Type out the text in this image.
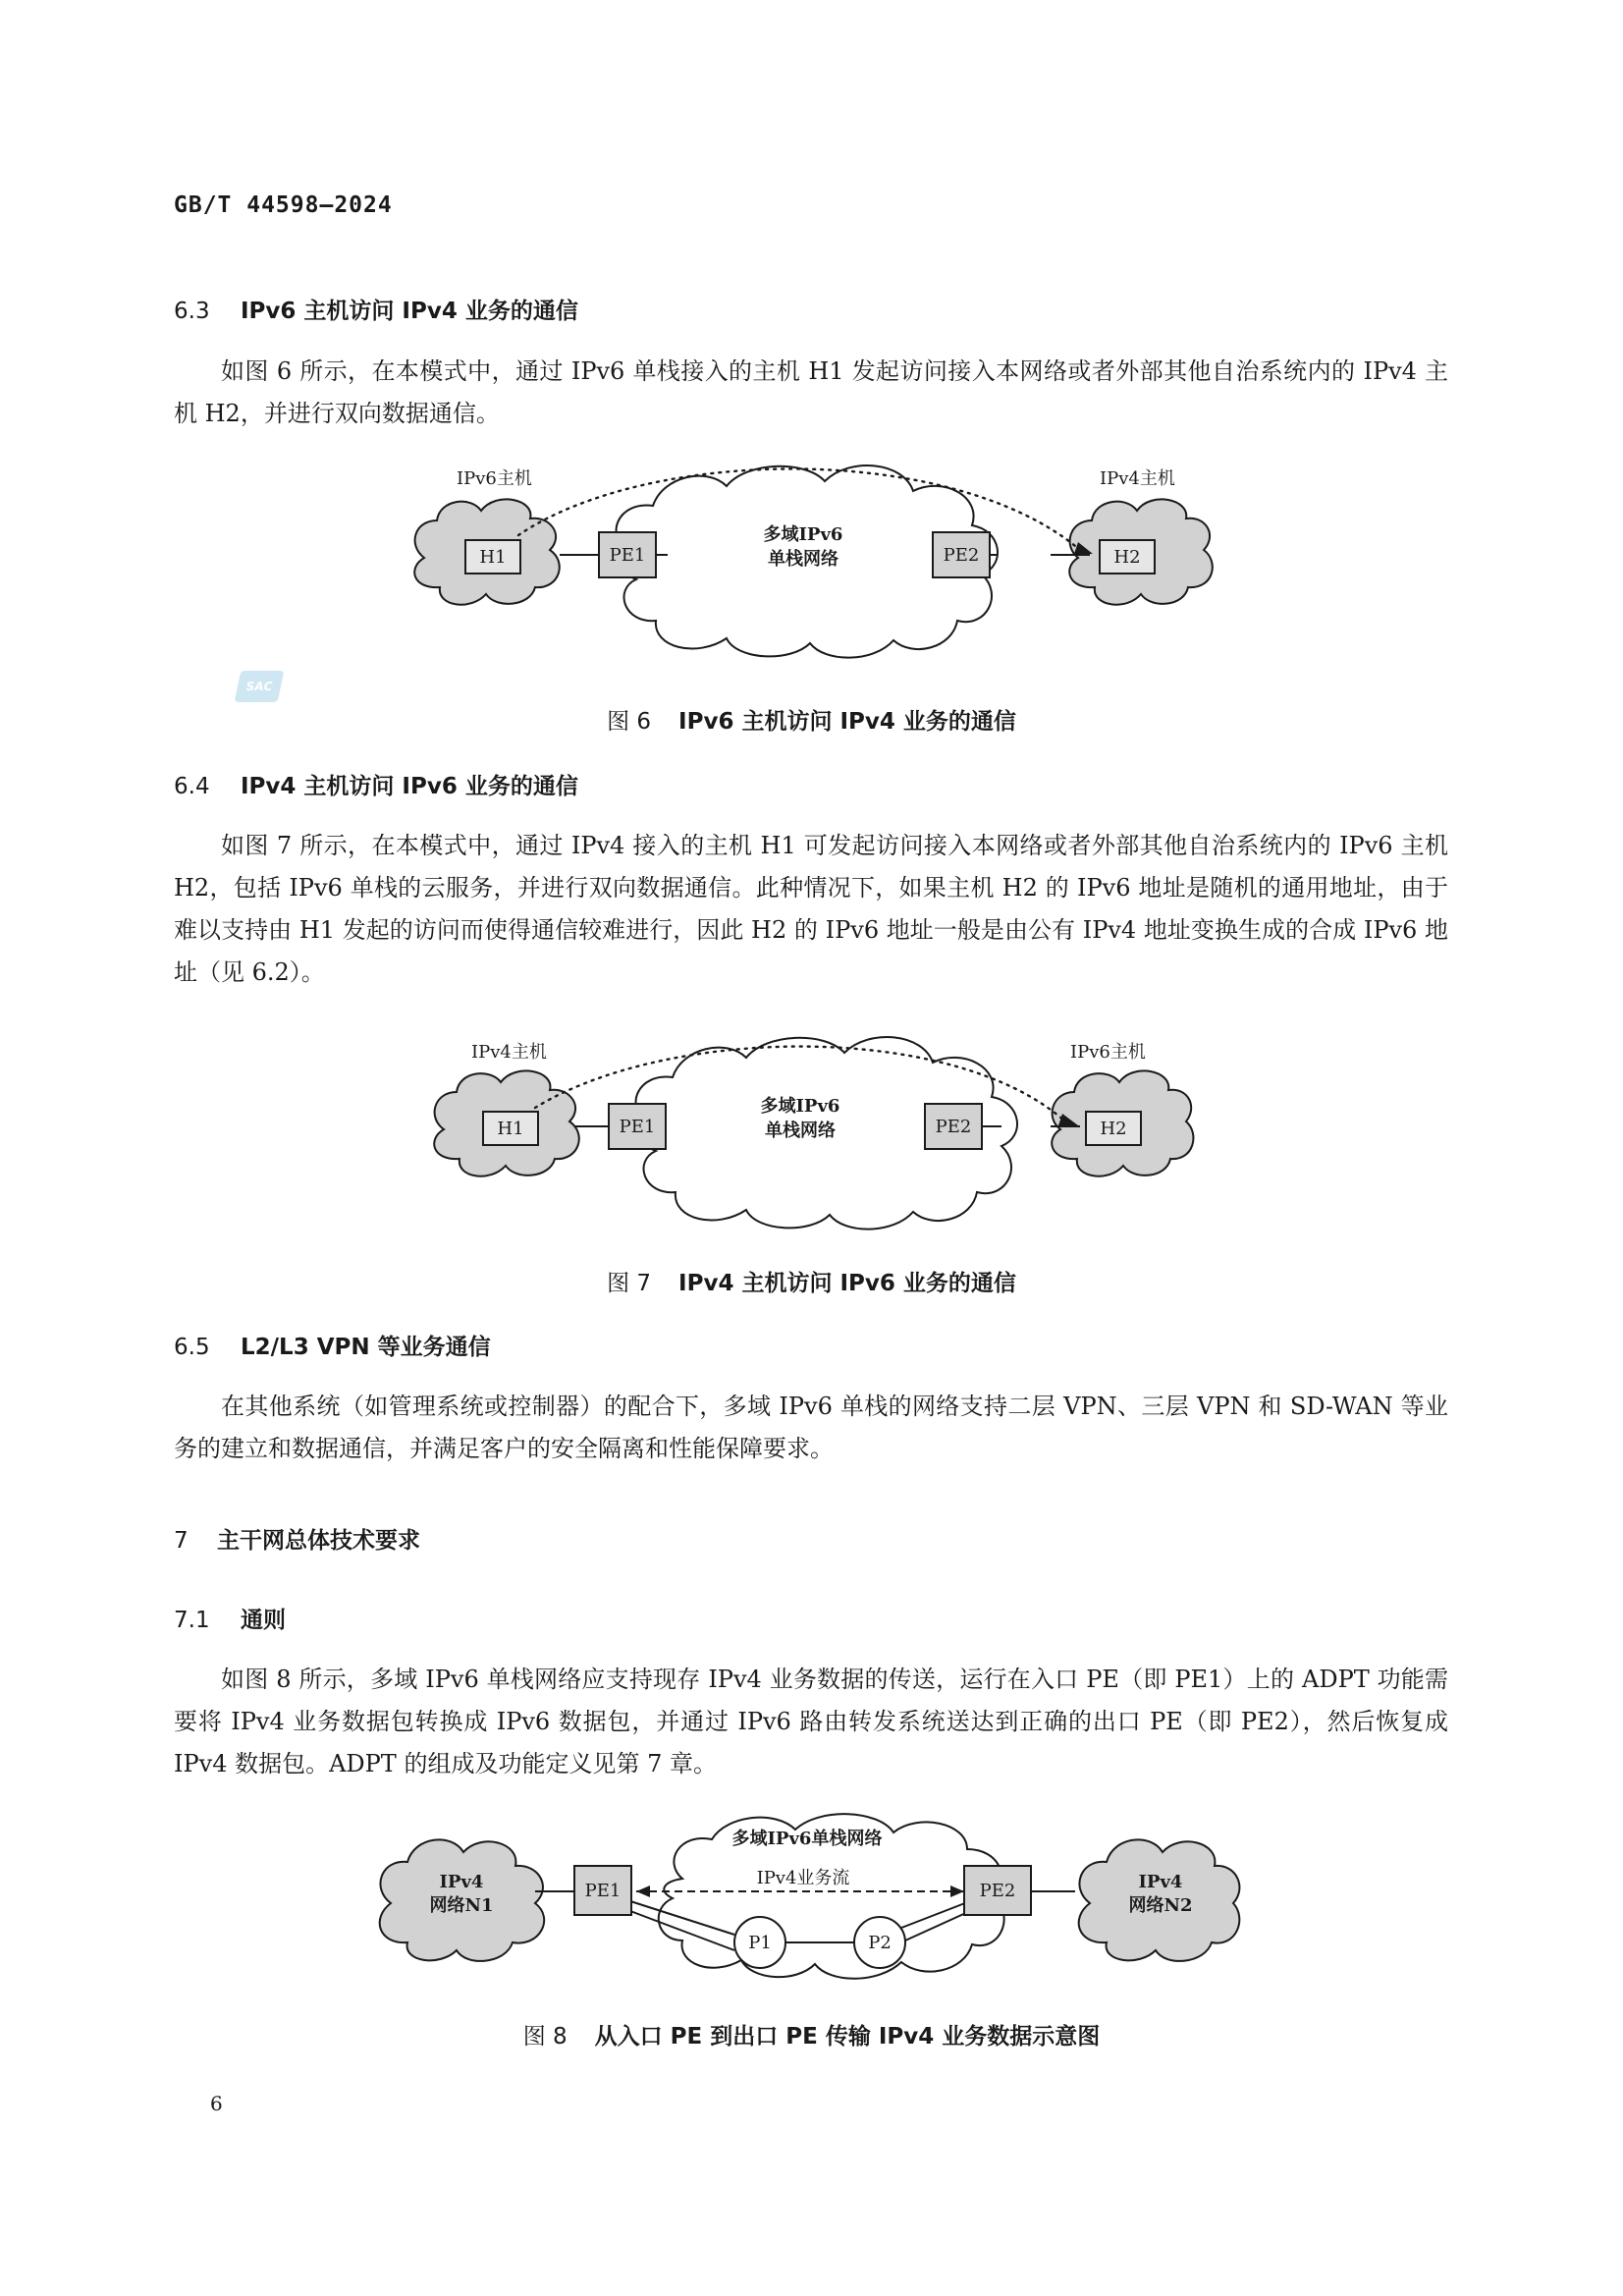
GB/T 44598—2024
6.3 IPv6 主机访问 IPv4 业务的通信
如图 6 所示，在本模式中，通过 IPv6 单栈接入的主机 H1 发起访问接入本网络或者外部其他自治系统内的 IPv4 主机 H2，并进行双向数据通信。
H1	PE1	PE2	H2
IPv6主机	IPv4主机
多域IPv6
单栈网络
SAC
图 6 IPv6 主机访问 IPv4 业务的通信
6.4 IPv4 主机访问 IPv6 业务的通信
如图 7 所示，在本模式中，通过 IPv4 接入的主机 H1 可发起访问接入本网络或者外部其他自治系统内的 IPv6 主机 H2，包括 IPv6 单栈的云服务，并进行双向数据通信。此种情况下，如果主机 H2 的 IPv6 地址是随机的通用地址，由于难以支持由 H1 发起的访问而使得通信较难进行，因此 H2 的 IPv6 地址一般是由公有 IPv4 地址变换生成的合成 IPv6 地址（见 6.2）。
H1	PE1	PE2	H2
IPv4主机	IPv6主机
多域IPv6
单栈网络
图 7 IPv4 主机访问 IPv6 业务的通信
6.5 L2/L3 VPN 等业务通信
在其他系统（如管理系统或控制器）的配合下，多域 IPv6 单栈的网络支持二层 VPN、三层 VPN 和 SD-WAN 等业务的建立和数据通信，并满足客户的安全隔离和性能保障要求。
7 主干网总体技术要求
7.1 通则
如图 8 所示，多域 IPv6 单栈网络应支持现存 IPv4 业务数据的传送，运行在入口 PE（即 PE1）上的 ADPT 功能需要将 IPv4 业务数据包转换成 IPv6 数据包，并通过 IPv6 路由转发系统送达到正确的出口 PE（即 PE2），然后恢复成 IPv4 数据包。ADPT 的组成及功能定义见第 7 章。
PE1	PE2
P1	P2
多域IPv6单栈网络
IPv4业务流
IPv4
网络N1
IPv4
网络N2
图 8 从入口 PE 到出口 PE 传输 IPv4 业务数据示意图
6
